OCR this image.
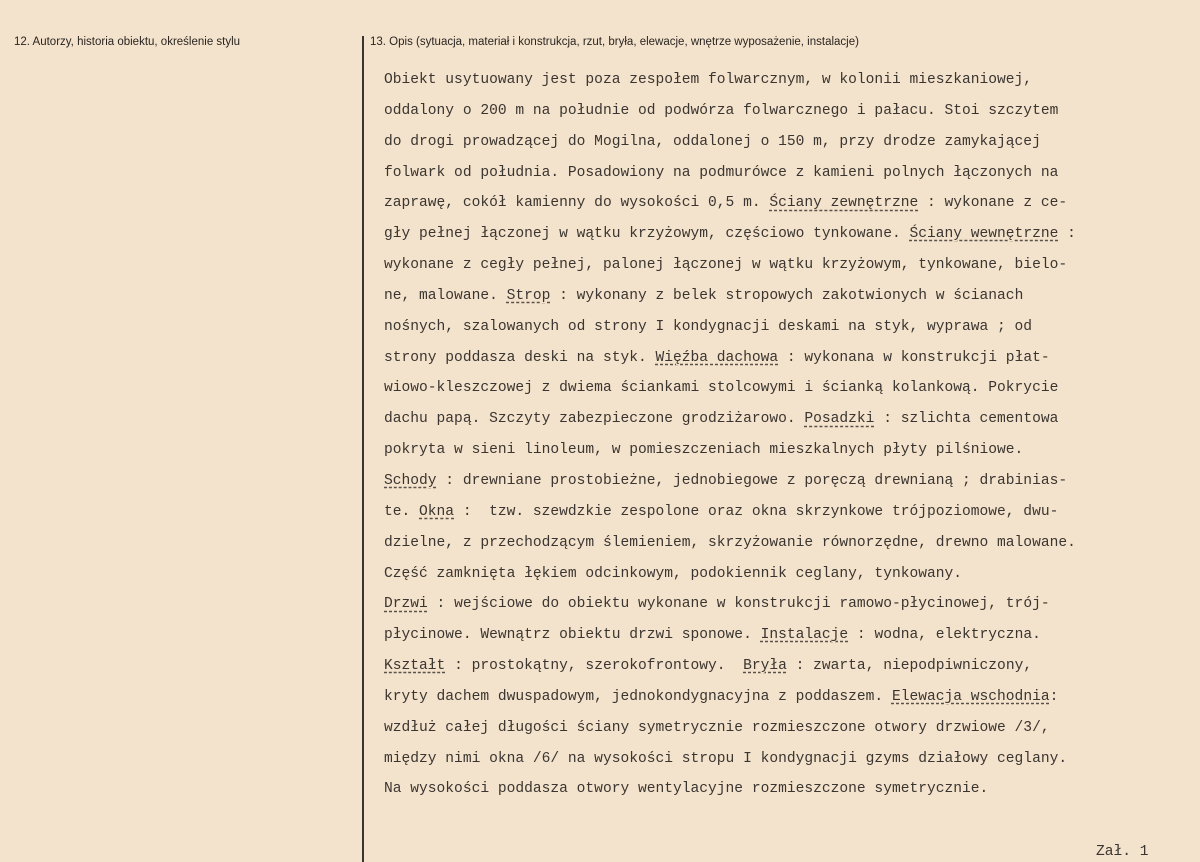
12. Autorzy, historia obiektu, określenie stylu	13. Opis (sytuacja, materiał i konstrukcja, rzut, bryła, elewacje, wnętrze wyposażenie, instalacje)
Obiekt usytuowany jest poza zespołem folwarcznym, w kolonii mieszkaniowej,
oddalony o 200 m na południe od podwórza folwarcznego i pałacu. Stoi szczytem
do drogi prowadzącej do Mogilna, oddalonej o 150 m, przy drodze zamykającej
folwark od południa. Posadowiony na podmurówce z kamieni polnych łączonych na
zaprawę, cokół kamienny do wysokości 0,5 m. Ściany zewnętrzne : wykonane z ce-
gły pełnej łączonej w wątku krzyżowym, częściowo tynkowane. Ściany wewnętrzne :
wykonane z cegły pełnej, palonej łączonej w wątku krzyżowym, tynkowane, bielo-
ne, malowane. Strop : wykonany z belek stropowych zakotwionych w ścianach
nośnych, szalowanych od strony I kondygnacji deskami na styk, wyprawa ; od
strony poddasza deski na styk. Więźba dachowa : wykonana w konstrukcji płat-
wiowo-kleszczowej z dwiema ściankami stolcowymi i ścianką kolankową. Pokrycie
dachu papą. Szczyty zabezpieczone grodziżarowo. Posadzki : szlichta cementowa
pokryta w sieni linoleum, w pomieszczeniach mieszkalnych płyty pilśniowe.
Schody : drewniane prostobieżne, jednobiegowe z poręczą drewnianą ; drabinias-
te. Okna :  tzw. szewdzkie zespolone oraz okna skrzynkowe trójpoziomowe, dwu-
dzielne, z przechodzącym ślemieniem, skrzyżowanie równorzędne, drewno malowane.
Część zamknięta łękiem odcinkowym, podokiennik ceglany, tynkowany.
Drzwi : wejściowe do obiektu wykonane w konstrukcji ramowo-płycinowej, trój-
płycinowe. Wewnątrz obiektu drzwi sponowe. Instalacje : wodna, elektryczna.
Kształt : prostokątny, szerokofrontowy.  Bryła : zwarta, niepodpiwniczony,
kryty dachem dwuspadowym, jednokondygnacyjna z poddaszem. Elewacja wschodnia:
wzdłuż całej długości ściany symetrycznie rozmieszczone otwory drzwiowe /3/,
między nimi okna /6/ na wysokości stropu I kondygnacji gzyms działowy ceglany.
Na wysokości poddasza otwory wentylacyjne rozmieszczone symetrycznie.
Zał. 1
